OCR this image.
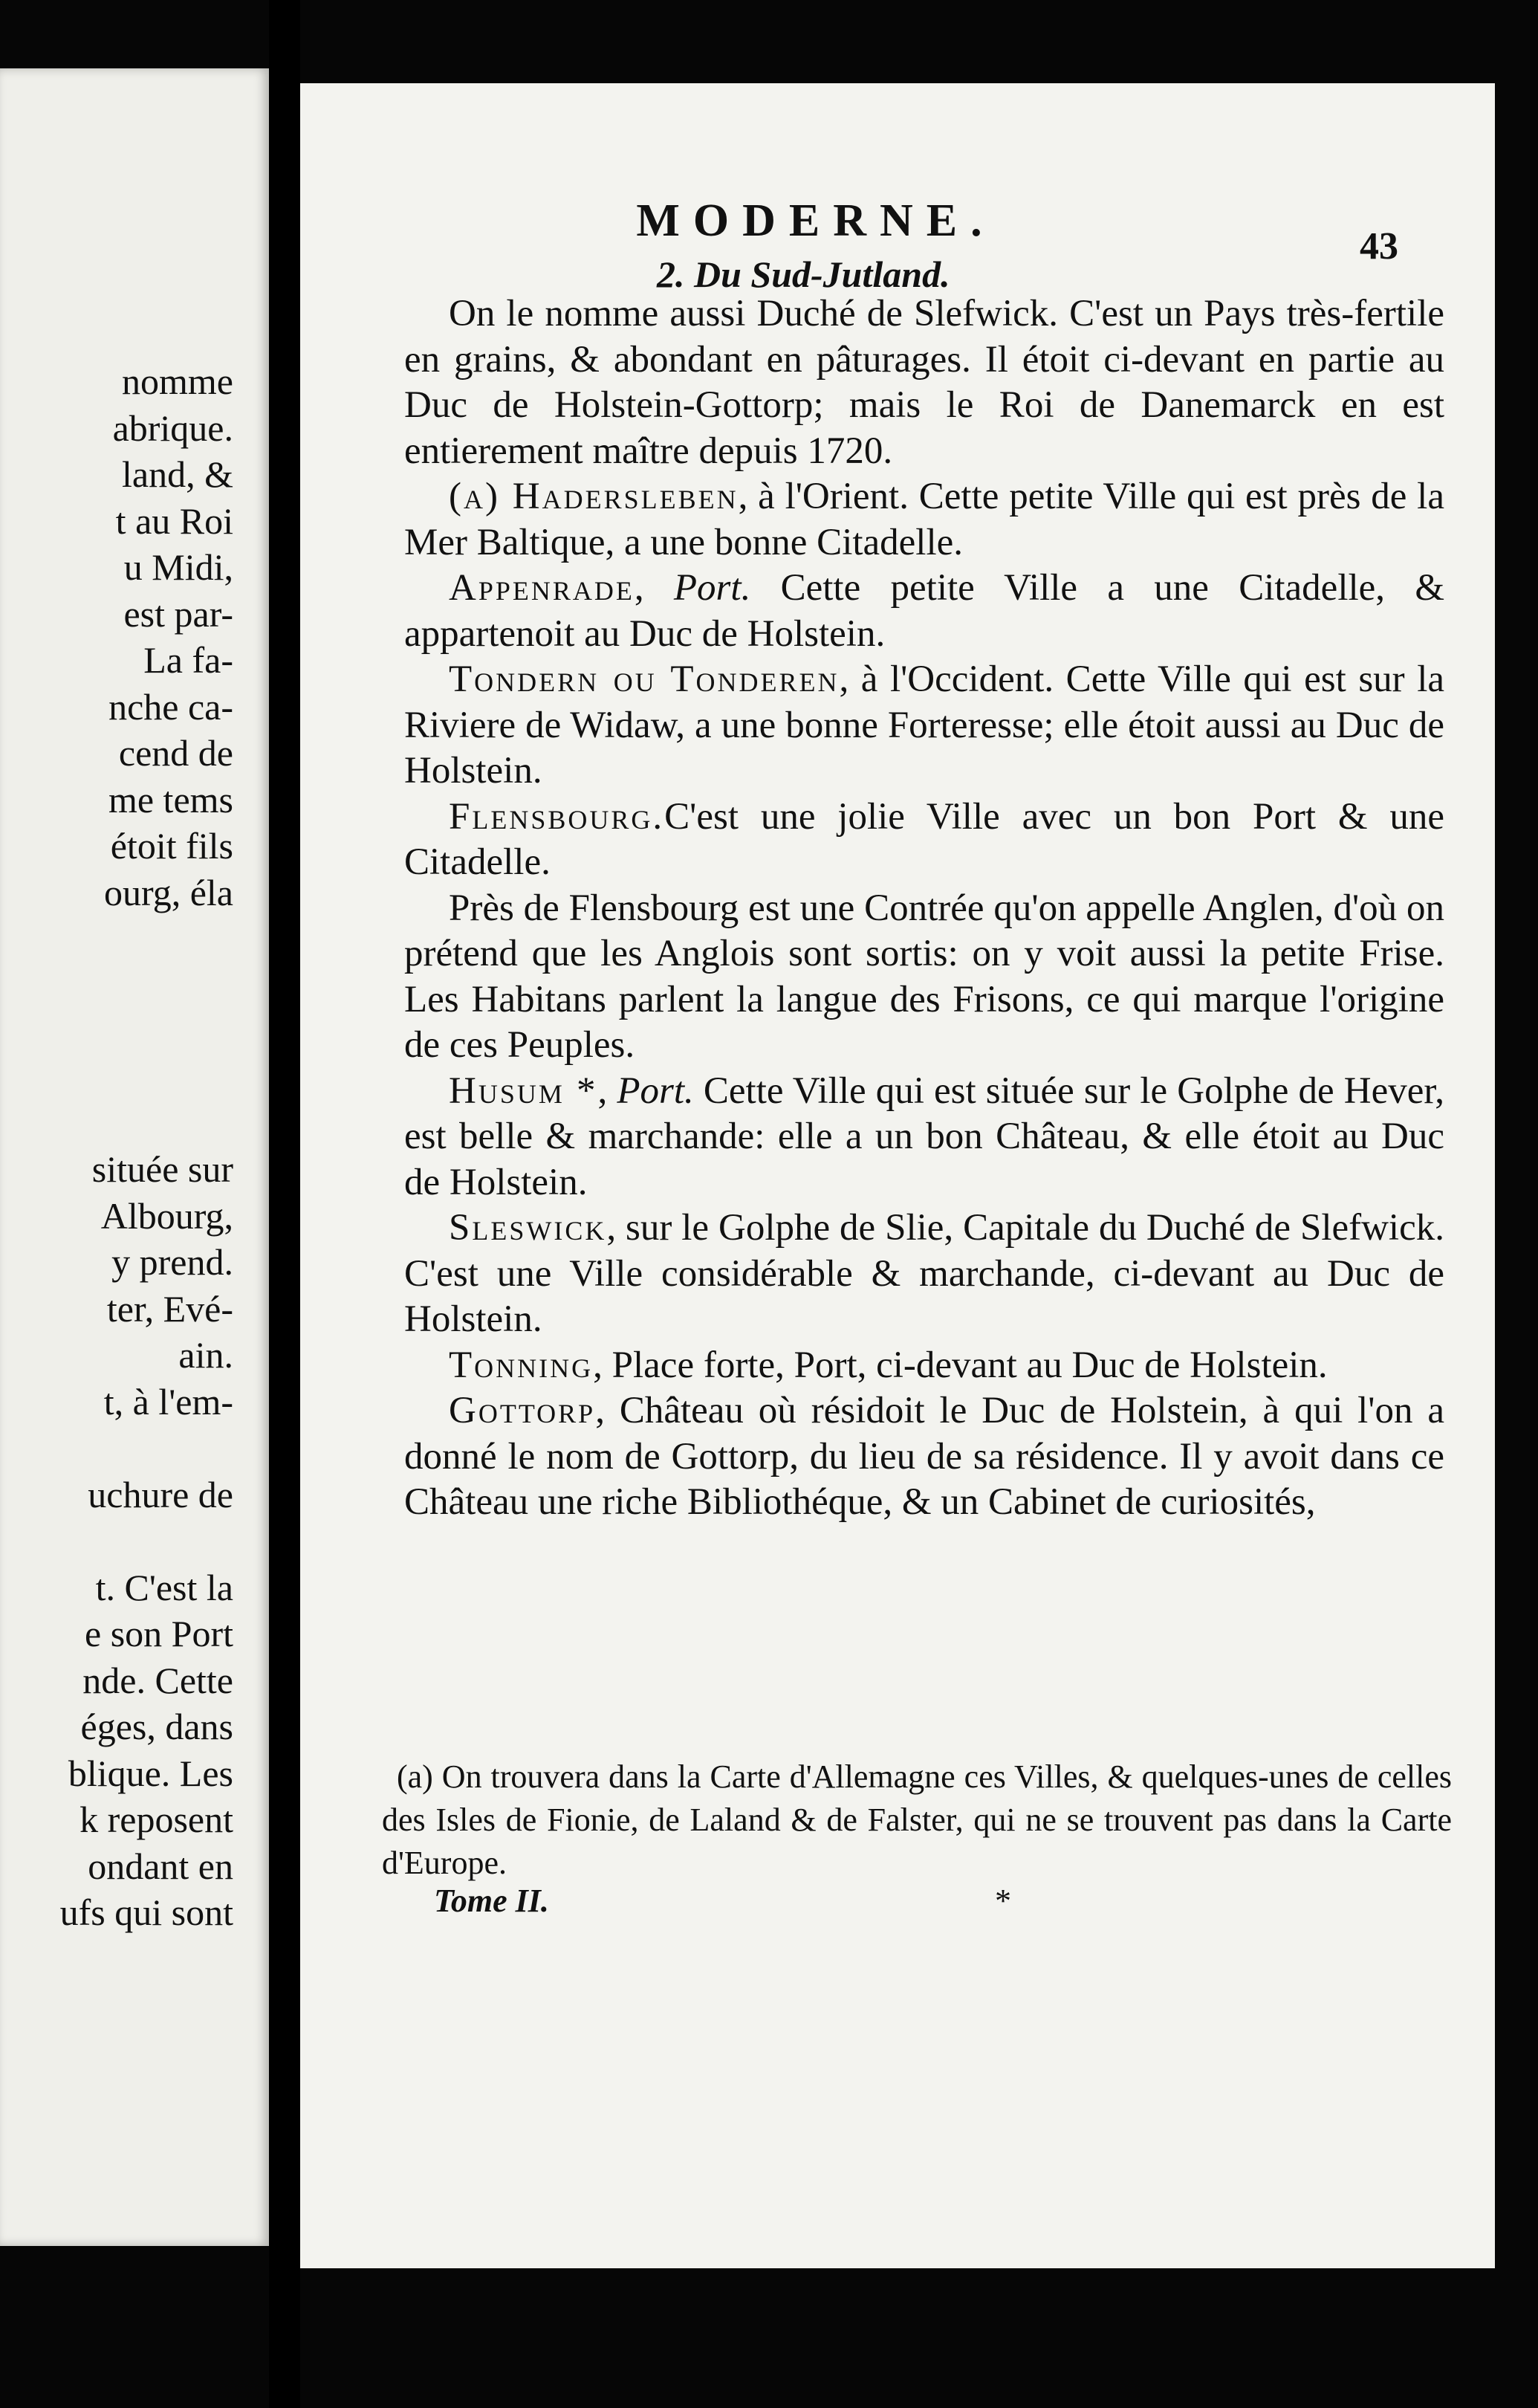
nomme
abrique.
land, &
t au Roi
u Midi,
est par-
La fa-
nche ca-
cend de
me tems
étoit fils
ourg, éla
située sur
Albourg,
y prend.
ter, Evé-
ain.
t, à l'em-

uchure de

t. C'est la
e son Port
nde. Cette
éges, dans
blique. Les
k reposent
ondant en
ufs qui sont
MODERNE.
43
2. Du Sud-Jutland.

On le nomme aussi Duché de Slefwick. C'est un Pays très-fertile en grains, & abondant en pâturages. Il étoit ci-devant en partie au Duc de Holstein-Gottorp; mais le Roi de Danemarck en est entierement maître depuis 1720.

(a) Hadersleben, à l'Orient. Cette petite Ville qui est près de la Mer Baltique, a une bonne Citadelle.

Appenrade, Port. Cette petite Ville a une Citadelle, & appartenoit au Duc de Holstein.

Tondern ou Tonderen, à l'Occident. Cette Ville qui est sur la Riviere de Widaw, a une bonne Forteresse; elle étoit aussi au Duc de Holstein.

Flensbourg.C'est une jolie Ville avec un bon Port & une Citadelle.

Près de Flensbourg est une Contrée qu'on appelle Anglen, d'où on prétend que les Anglois sont sortis: on y voit aussi la petite Frise. Les Habitans parlent la langue des Frisons, ce qui marque l'origine de ces Peuples.

Husum *, Port. Cette Ville qui est située sur le Golphe de Hever, est belle & marchande: elle a un bon Château, & elle étoit au Duc de Holstein.

Sleswick, sur le Golphe de Slie, Capitale du Duché de Slefwick. C'est une Ville considérable & marchande, ci-devant au Duc de Holstein.

Tonning, Place forte, Port, ci-devant au Duc de Holstein.

Gottorp, Château où résidoit le Duc de Holstein, à qui l'on a donné le nom de Gottorp, du lieu de sa résidence. Il y avoit dans ce Château une riche Bibliothéque, & un Cabinet de curiosités,

(a) On trouvera dans la Carte d'Allemagne ces Villes, & quelques-unes de celles des Isles de Fionie, de Laland & de Falster, qui ne se trouvent pas dans la Carte d'Europe.

Tome II.	*
